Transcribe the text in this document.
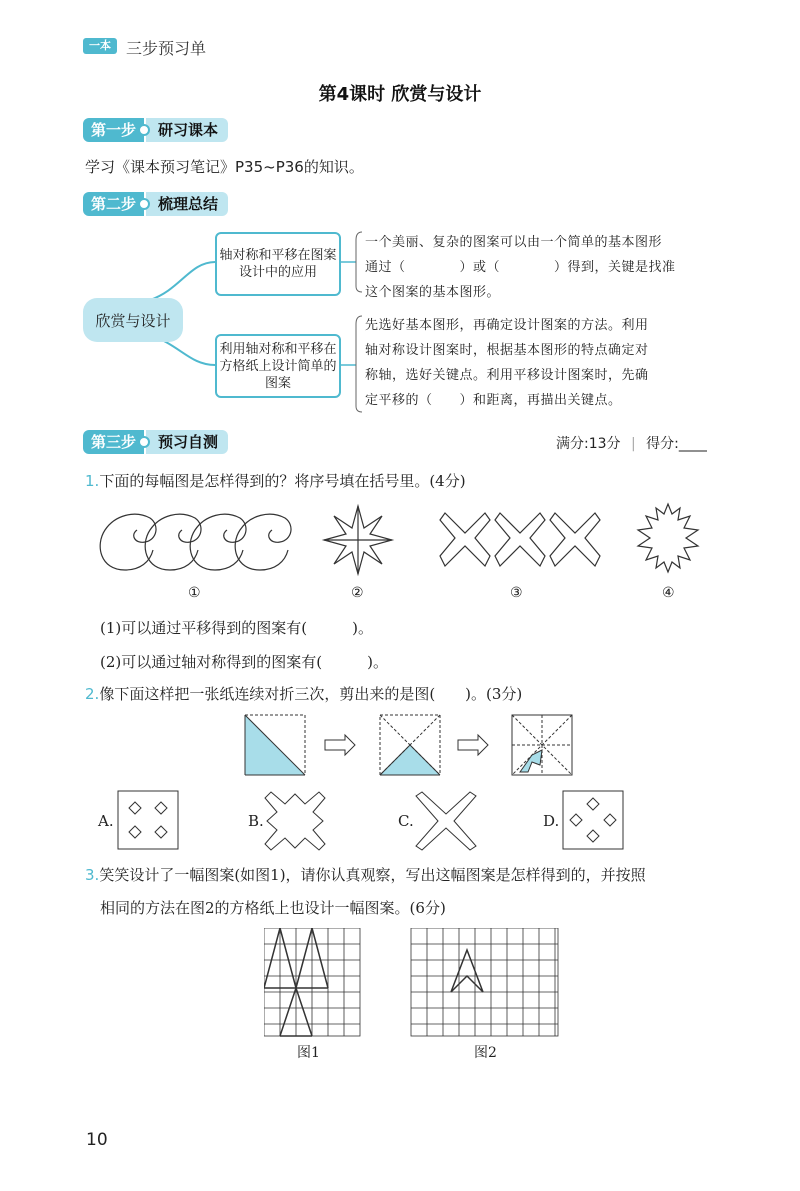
一本 三步预习单
第4课时 欣赏与设计
第一步	研习课本
学习《课本预习笔记》P35~P36的知识。
第二步	梳理总结
欣赏与设计
轴对称和平移在图案设计中的应用
利用轴对称和平移在方格纸上设计简单的图案
一个美丽、复杂的图案可以由一个简单的基本图形
通过（　　　　）或（　　　　）得到，关键是找准
这个图案的基本图形。
先选好基本图形，再确定设计图案的方法。利用
轴对称设计图案时，根据基本图形的特点确定对
称轴，选好关键点。利用平移设计图案时，先确
定平移的（　　）和距离，再描出关键点。
第三步	预习自测	满分:13分 | 得分:____
1.下面的每幅图是怎样得到的？将序号填在括号里。(4分)
①	②	③	④
(1)可以通过平移得到的图案有(　　　)。
(2)可以通过轴对称得到的图案有(　　　)。
2.像下面这样把一张纸连续对折三次，剪出来的是图(　　)。(3分)
A.	B.	C.	D.
3.笑笑设计了一幅图案(如图1)，请你认真观察，写出这幅图案是怎样得到的，并按照
相同的方法在图2的方格纸上也设计一幅图案。(6分)
图1	图2
10
